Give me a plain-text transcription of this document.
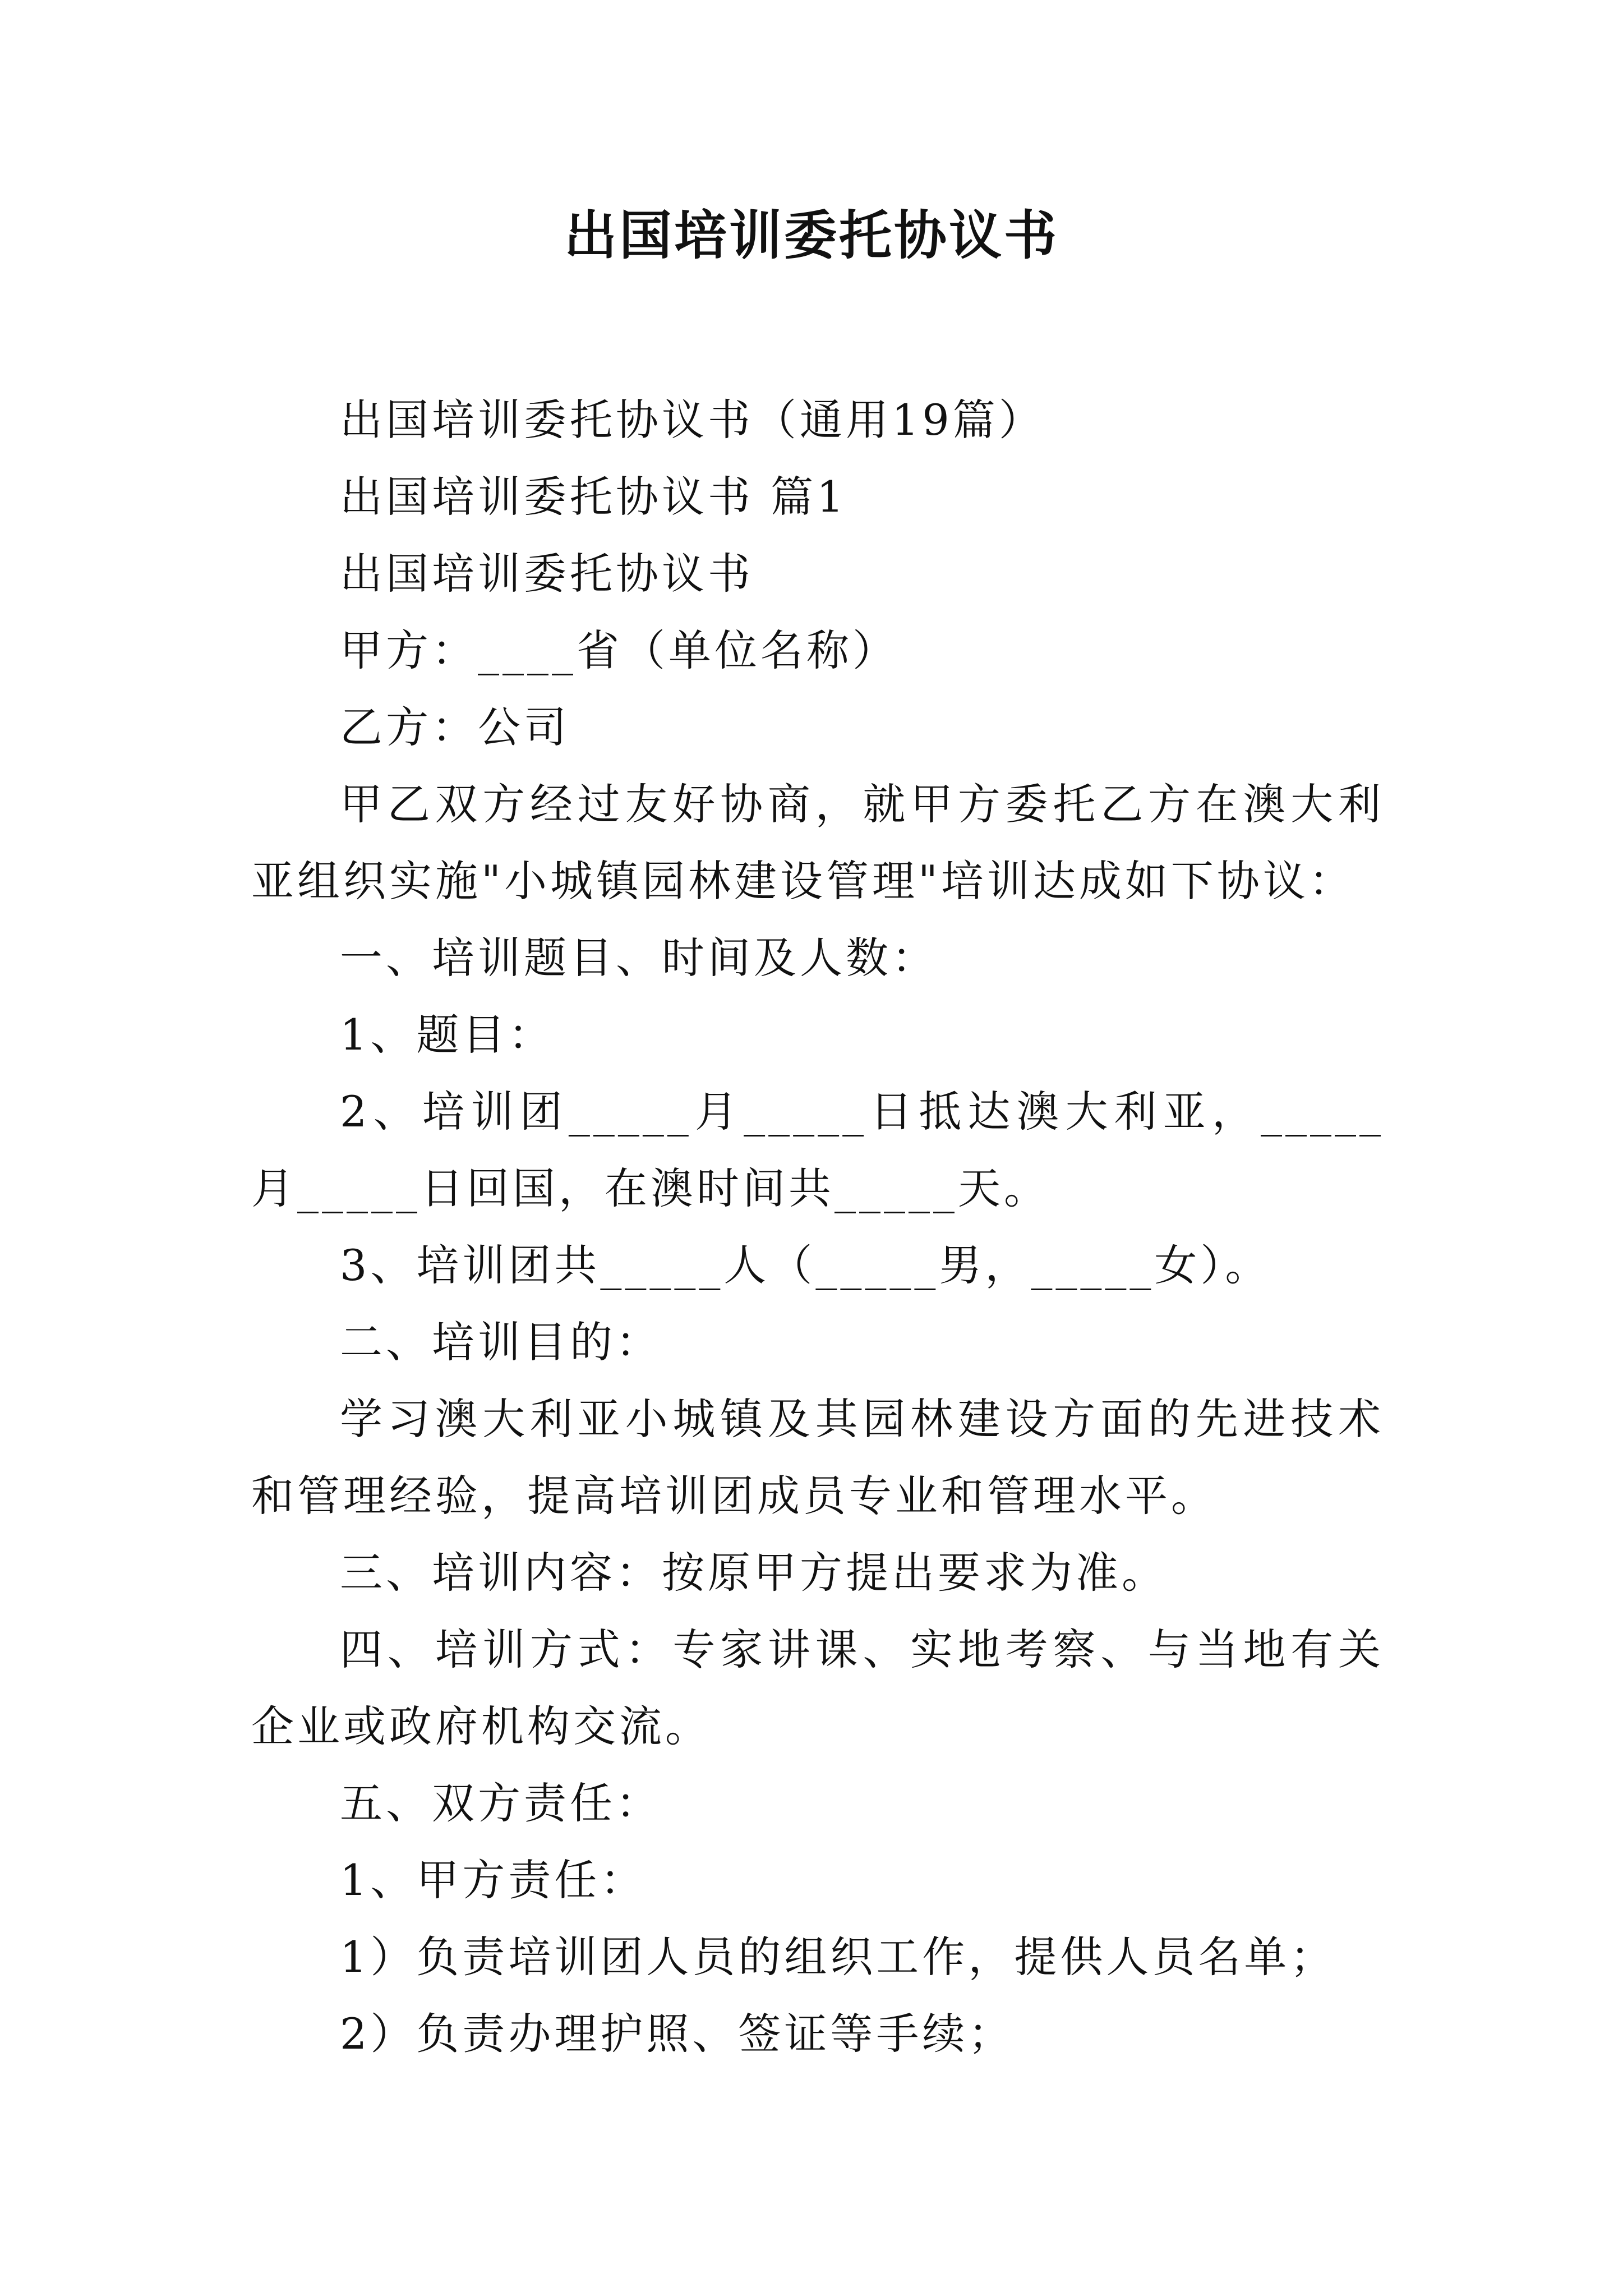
出国培训委托协议书

出国培训委托协议书（通用19篇）

出国培训委托协议书 篇1

出国培训委托协议书

甲方：____省（单位名称）

乙方：公司

甲乙双方经过友好协商，就甲方委托乙方在澳大利亚组织实施"小城镇园林建设管理"培训达成如下协议：

一、培训题目、时间及人数：

1、题目：

2、培训团_____月_____日抵达澳大利亚，_____月_____日回国，在澳时间共_____天。

3、培训团共_____人（_____男，_____女）。

二、培训目的：

学习澳大利亚小城镇及其园林建设方面的先进技术和管理经验，提高培训团成员专业和管理水平。

三、培训内容：按原甲方提出要求为准。

四、培训方式：专家讲课、实地考察、与当地有关企业或政府机构交流。

五、双方责任：

1、甲方责任：

1）负责培训团人员的组织工作，提供人员名单；

2）负责办理护照、签证等手续；
